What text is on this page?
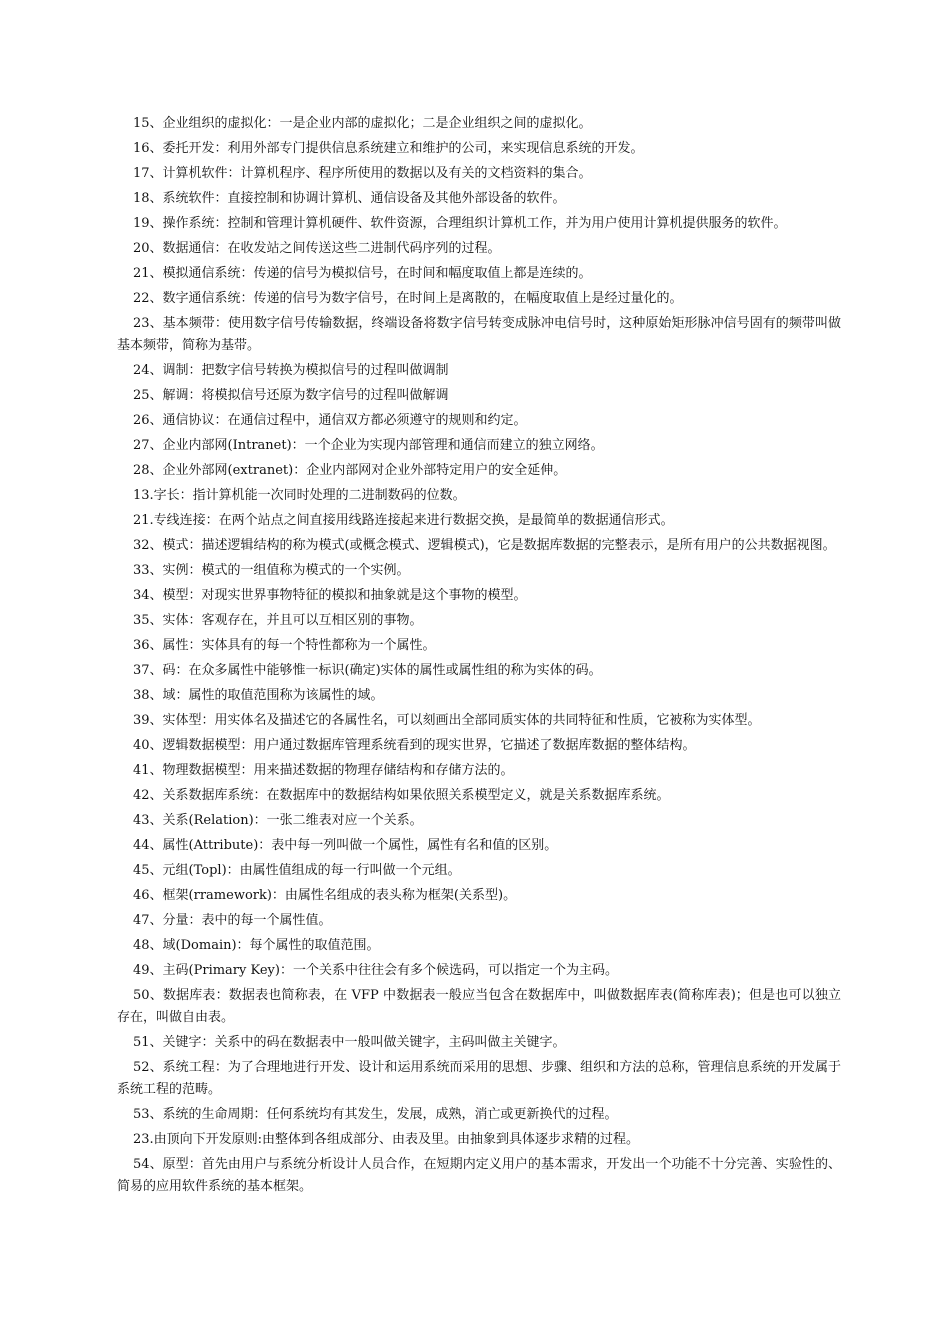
15、企业组织的虚拟化：一是企业内部的虚拟化；二是企业组织之间的虚拟化。

16、委托开发：利用外部专门提供信息系统建立和维护的公司，来实现信息系统的开发。

17、计算机软件：计算机程序、程序所使用的数据以及有关的文档资料的集合。

18、系统软件：直接控制和协调计算机、通信设备及其他外部设备的软件。

19、操作系统：控制和管理计算机硬件、软件资源，合理组织计算机工作，并为用户使用计算机提供服务的软件。

20、数据通信：在收发站之间传送这些二进制代码序列的过程。

21、模拟通信系统：传递的信号为模拟信号，在时间和幅度取值上都是连续的。

22、数字通信系统：传递的信号为数字信号，在时间上是离散的，在幅度取值上是经过量化的。

23、基本频带：使用数字信号传输数据，终端设备将数字信号转变成脉冲电信号时，这种原始矩形脉冲信号固有的频带叫做基本频带，简称为基带。

24、调制：把数字信号转换为模拟信号的过程叫做调制

25、解调：将模拟信号还原为数字信号的过程叫做解调

26、通信协议：在通信过程中，通信双方都必须遵守的规则和约定。

27、企业内部网(Intranet)：一个企业为实现内部管理和通信而建立的独立网络。

28、企业外部网(extranet)：企业内部网对企业外部特定用户的安全延伸。

13.字长：指计算机能一次同时处理的二进制数码的位数。

21.专线连接：在两个站点之间直接用线路连接起来进行数据交换，是最简单的数据通信形式。

32、模式：描述逻辑结构的称为模式(或概念模式、逻辑模式)，它是数据库数据的完整表示，是所有用户的公共数据视图。

33、实例：模式的一组值称为模式的一个实例。

34、模型：对现实世界事物特征的模拟和抽象就是这个事物的模型。

35、实体：客观存在，并且可以互相区别的事物。

36、属性：实体具有的每一个特性都称为一个属性。

37、码：在众多属性中能够惟一标识(确定)实体的属性或属性组的称为实体的码。

38、域：属性的取值范围称为该属性的域。

39、实体型：用实体名及描述它的各属性名，可以刻画出全部同质实体的共同特征和性质，它被称为实体型。

40、逻辑数据模型：用户通过数据库管理系统看到的现实世界，它描述了数据库数据的整体结构。

41、物理数据模型：用来描述数据的物理存储结构和存储方法的。

42、关系数据库系统：在数据库中的数据结构如果依照关系模型定义，就是关系数据库系统。

43、关系(Relation)：一张二维表对应一个关系。

44、属性(Attribute)：表中每一列叫做一个属性，属性有名和值的区别。

45、元组(Topl)：由属性值组成的每一行叫做一个元组。

46、框架(rramework)：由属性名组成的表头称为框架(关系型)。

47、分量：表中的每一个属性值。

48、域(Domain)：每个属性的取值范围。

49、主码(Primary Key)：一个关系中往往会有多个候选码，可以指定一个为主码。

50、数据库表：数据表也简称表，在 VFP 中数据表一般应当包含在数据库中，叫做数据库表(简称库表)；但是也可以独立存在，叫做自由表。

51、关键字：关系中的码在数据表中一般叫做关键字，主码叫做主关键字。

52、系统工程：为了合理地进行开发、设计和运用系统而采用的思想、步骤、组织和方法的总称，管理信息系统的开发属于系统工程的范畴。

53、系统的生命周期：任何系统均有其发生，发展，成熟，消亡或更新换代的过程。

23.由顶向下开发原则:由整体到各组成部分、由表及里。由抽象到具体逐步求精的过程。

54、原型：首先由用户与系统分析设计人员合作，在短期内定义用户的基本需求，开发出一个功能不十分完善、实验性的、简易的应用软件系统的基本框架。
